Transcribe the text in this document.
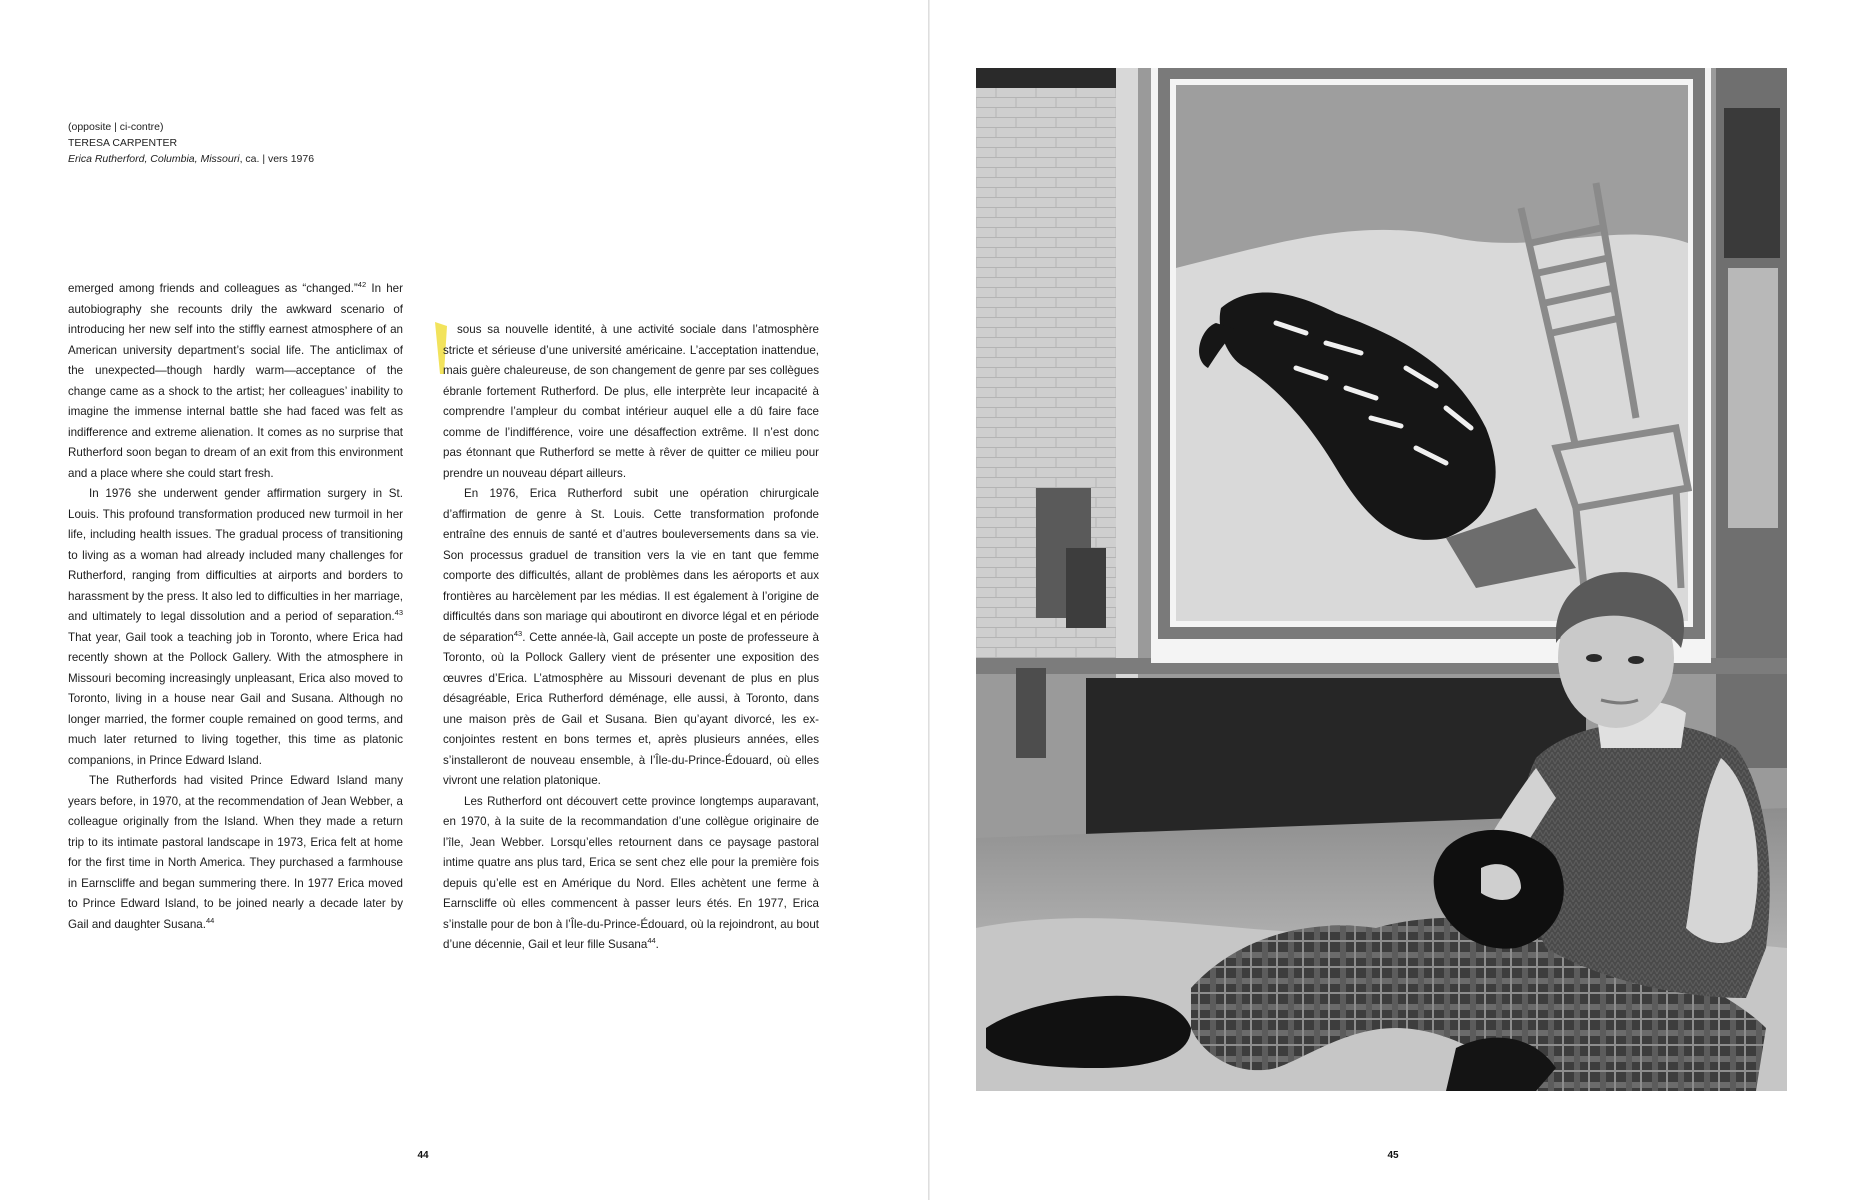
(opposite | ci-contre)
TERESA CARPENTER
Erica Rutherford, Columbia, Missouri, ca. | vers 1976

emerged among friends and colleagues as “changed.”$^{42}$ In her autobiography she recounts drily the awkward scenario of introducing her new self into the stiffly earnest atmosphere of an American university department’s social life. The anticlimax of the unexpected—though hardly warm—acceptance of the change came as a shock to the artist; her colleagues’ inability to imagine the immense internal battle she had faced was felt as indifference and extreme alienation. It comes as no surprise that Rutherford soon began to dream of an exit from this environment and a place where she could start fresh.

In 1976 she underwent gender affirmation surgery in St. Louis. This profound transformation produced new turmoil in her life, including health issues. The gradual process of transitioning to living as a woman had already included many challenges for Rutherford, ranging from difficulties at airports and borders to harassment by the press. It also led to difficulties in her marriage, and ultimately to legal dissolution and a period of separation.$^{43}$ That year, Gail took a teaching job in Toronto, where Erica had recently shown at the Pollock Gallery. With the atmosphere in Missouri becoming increasingly unpleasant, Erica also moved to Toronto, living in a house near Gail and Susana. Although no longer married, the former couple remained on good terms, and much later returned to living together, this time as platonic companions, in Prince Edward Island.

The Rutherfords had visited Prince Edward Island many years before, in 1970, at the recommendation of Jean Webber, a colleague originally from the Island. When they made a return trip to its intimate pastoral landscape in 1973, Erica felt at home for the first time in North America. They purchased a farmhouse in Earnscliffe and began summering there. In 1977 Erica moved to Prince Edward Island, to be joined nearly a decade later by Gail and daughter Susana.$^{44}$

sous sa nouvelle identité, à une activité sociale dans l’atmosphère stricte et sérieuse d’une université américaine. L’acceptation inattendue, mais guère chaleureuse, de son changement de genre par ses collègues ébranle fortement Rutherford. De plus, elle interprète leur incapacité à comprendre l’ampleur du combat intérieur auquel elle a dû faire face comme de l’indifférence, voire une désaffection extrême. Il n’est donc pas étonnant que Rutherford se mette à rêver de quitter ce milieu pour prendre un nouveau départ ailleurs.

En 1976, Erica Rutherford subit une opération chirurgicale d’affirmation de genre à St. Louis. Cette transformation profonde entraîne des ennuis de santé et d’autres bouleversements dans sa vie. Son processus graduel de transition vers la vie en tant que femme comporte des difficultés, allant de problèmes dans les aéroports et aux frontières au harcèlement par les médias. Il est également à l’origine de difficultés dans son mariage qui aboutiront en divorce légal et en période de séparation$^{43}$. Cette année-là, Gail accepte un poste de professeure à Toronto, où la Pollock Gallery vient de présenter une exposition des œuvres d’Erica. L’atmosphère au Missouri devenant de plus en plus désagréable, Erica Rutherford déménage, elle aussi, à Toronto, dans une maison près de Gail et Susana. Bien qu’ayant divorcé, les ex-conjointes restent en bons termes et, après plusieurs années, elles s’installeront de nouveau ensemble, à l’Île-du-Prince-Édouard, où elles vivront une relation platonique.

Les Rutherford ont découvert cette province longtemps auparavant, en 1970, à la suite de la recommandation d’une collègue originaire de l’île, Jean Webber. Lorsqu’elles retournent dans ce paysage pastoral intime quatre ans plus tard, Erica se sent chez elle pour la première fois depuis qu’elle est en Amérique du Nord. Elles achètent une ferme à Earnscliffe où elles commencent à passer leurs étés. En 1977, Erica s’installe pour de bon à l’Île-du-Prince-Édouard, où la rejoindront, au bout d’une décennie, Gail et leur fille Susana$^{44}$.

44	45
